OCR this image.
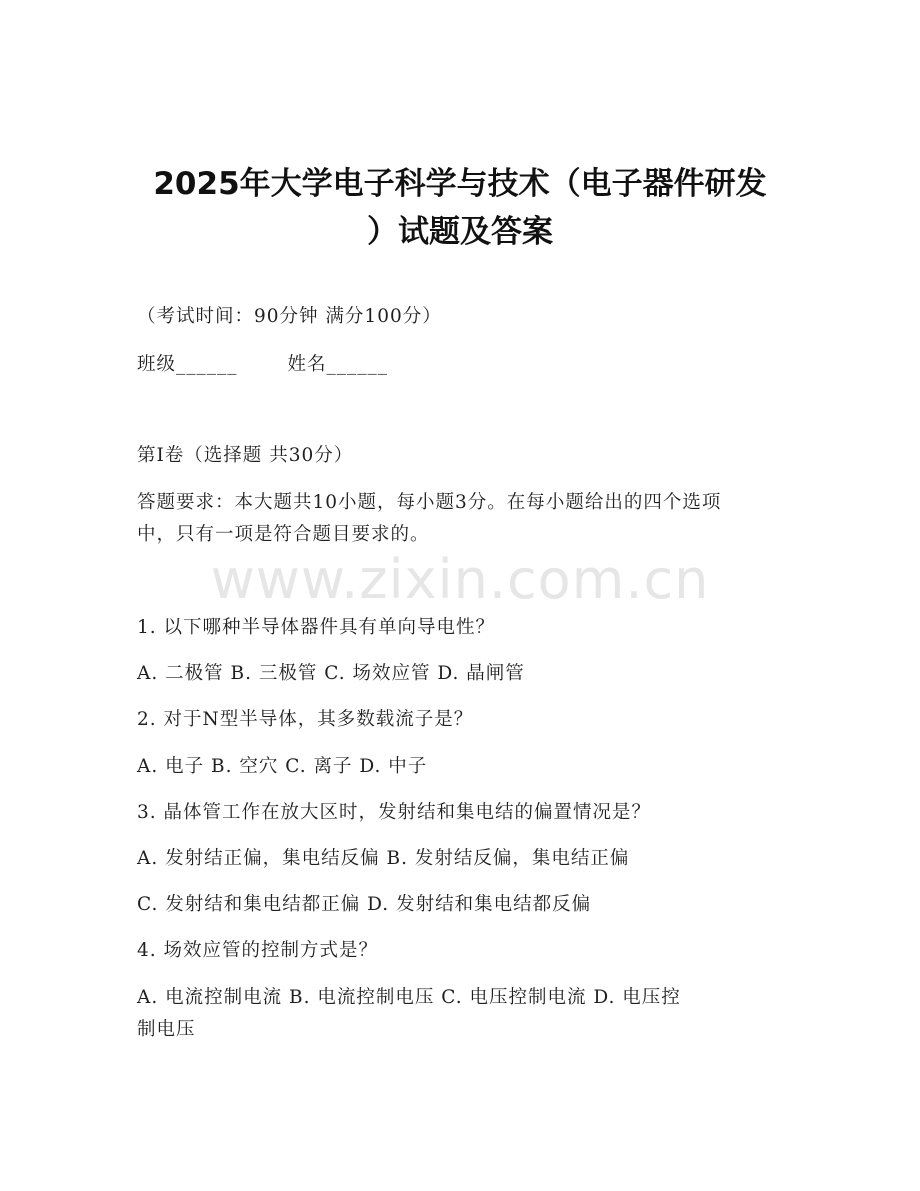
www.zixin.com.cn
2025年大学电子科学与技术（电子器件研发
）试题及答案
（考试时间：90分钟 满分100分）
班级______	姓名______
第I卷（选择题 共30分）
答题要求：本大题共10小题，每小题3分。在每小题给出的四个选项
中，只有一项是符合题目要求的。
1. 以下哪种半导体器件具有单向导电性？
A. 二极管 B. 三极管 C. 场效应管 D. 晶闸管
2. 对于N型半导体，其多数载流子是？
A. 电子 B. 空穴 C. 离子 D. 中子
3. 晶体管工作在放大区时，发射结和集电结的偏置情况是？
A. 发射结正偏，集电结反偏 B. 发射结反偏，集电结正偏
C. 发射结和集电结都正偏 D. 发射结和集电结都反偏
4. 场效应管的控制方式是？
A. 电流控制电流 B. 电流控制电压 C. 电压控制电流 D. 电压控
制电压
